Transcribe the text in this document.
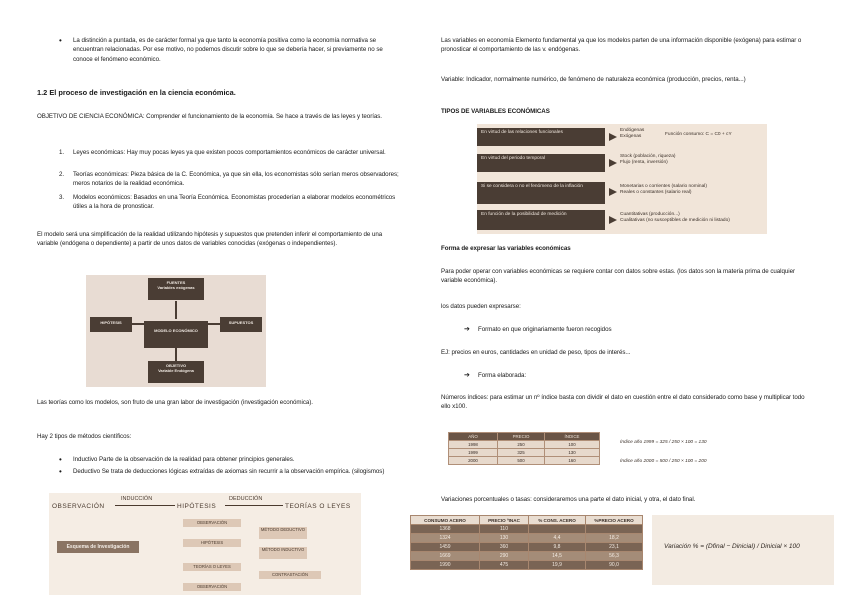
• La distinción a puntada, es de carácter formal ya que tanto la economía positiva como la economía normativa se encuentran relacionadas. Por ese motivo, no podemos discutir sobre lo que se debería hacer, si previamente no se conoce el fenómeno económico.
1.2 El proceso de investigación en la ciencia económica.
OBJETIVO DE CIENCIA ECONÓMICA: Comprender el funcionamiento de la economía. Se hace a través de las leyes y teorías.
1. Leyes económicas: Hay muy pocas leyes ya que existen pocos comportamientos económicos de carácter universal.
2. Teorías económicas: Pieza básica de la C. Económica, ya que sin ella, los economistas sólo serían meros observadores; meros notarios de la realidad económica.
3. Modelos económicos: Basados en una Teoría Económica. Economistas procederían a elaborar modelos econométricos útiles a la hora de pronosticar.
El modelo será una simplificación de la realidad utilizando hipótesis y supuestos que pretenden inferir el comportamiento de una variable (endógena o dependiente) a partir de unos datos de variables conocidas (exógenas o independientes).
FUENTES
Variables exógenas
HIPÓTESIS
MODELO ECONÓMICO
SUPUESTOS
OBJETIVO
Variable Endógena
Las teorías como los modelos, son fruto de una gran labor de investigación (investigación económica).
Hay 2 tipos de métodos científicos:
• Inductivo Parte de la observación de la realidad para obtener principios generales.
• Deductivo Se trata de deducciones lógicas extraídas de axiomas sin recurrir a la observación empírica. (silogismos)
INDUCCIÓN	DEDUCCIÓN
OBSERVACIÓN	HIPÓTESIS	TEORÍAS O LEYES
Esquema de Investigación
OBSERVACIÓN
HIPÓTESIS
MÉTODO DEDUCTIVO
MÉTODO INDUCTIVO
TEORÍAS O LEYES
CONTRASTACIÓN
OBSERVACIÓN
Las variables en economía Elemento fundamental ya que los modelos parten de una información disponible (exógena) para estimar o pronosticar el comportamiento de las v. endógenas.
Variable: Indicador, normalmente numérico, de fenómeno de naturaleza económica (producción, precios, renta...)
TIPOS DE VARIABLES ECONÓMICAS
En virtud de las relaciones funcionales	Endógenas
Exógenas	Función consumo: C = C0 + cY
En virtud del periodo temporal	Stock (población, riqueza)
Flujo (renta, inversión)
Si se considera o no el fenómeno de la inflación	Monetarias o corrientes (salario nominal)
Reales o constantes (salario real)
En función de la posibilidad de medición	Cuantitativas (producción...)
Cualitativas (no susceptibles de medición ni listado)
Forma de expresar las variables económicas
Para poder operar con variables económicas se requiere contar con datos sobre estas. (los datos son la materia prima de cualquier variable económica).
los datos pueden expresarse:
➔ Formato en que originariamente fueron recogidos
EJ: precios en euros, cantidades en unidad de peso, tipos de interés...
➔ Forma elaborada:
Números índices: para estimar un nº índice basta con dividir el dato en cuestión entre el dato considerado como base y multiplicar todo ello x100.
AÑO	PRECIO	ÍNDICE
1998	250	100
1999	325	130
2000	500	160
Índice año 1999 = 325 / 250 × 100 = 130
Índice año 2000 = 500 / 250 × 100 = 200
Variaciones porcentuales o tasas: consideraremos una parte el dato inicial, y otra, el dato final.
CONSUMO ACERO	PRECIO ºINAC	% CONS. ACERO	%PRECIO ACERO
1368	110		
1324	130	4,4	18,2
1459	360	9,8	23,1
1669	290	14,5	56,3
1990	475	19,9	90,0
Variación % = (Dfinal − Dinicial) / Dinicial × 100
